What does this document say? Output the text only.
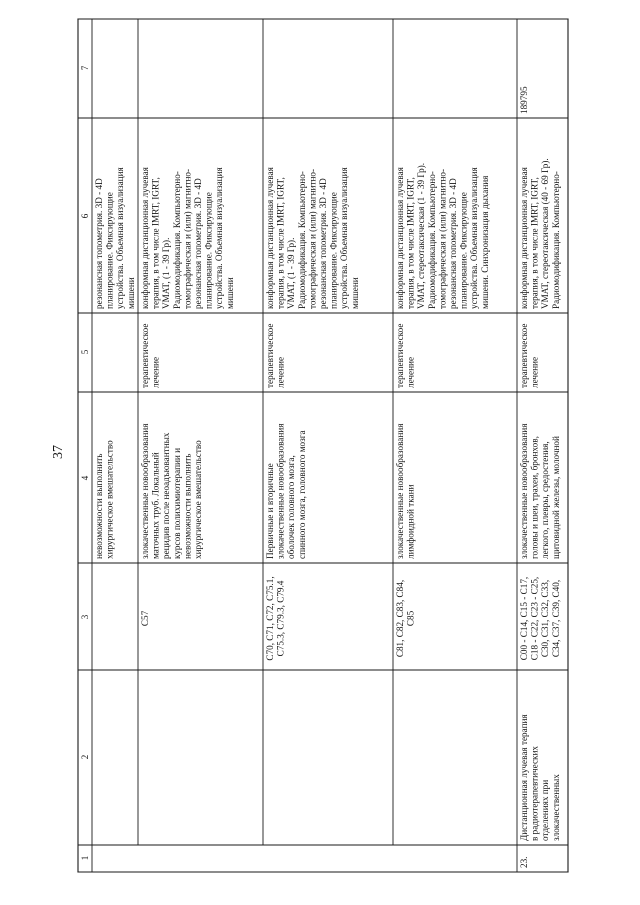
37
1
2
3
4
5
6
7
невозможности выполнить хирургическое вмешательство
резонансная топометрия. 3D - 4D планирование. Фиксирующие устройства. Объемная визуализация мишени
C57
злокачественные новообразования маточных труб. Локальный рецидив после неоадъювантных курсов полихимиотерапии и невозможности выполнить хирургическое вмешательство
терапевтическое лечение
конформная дистанционная лучевая терапия, в том числе IMRT, IGRT, VMAT, (1 - 39 Гр). Радиомодификация. Компьютерно- томографическая и (или) магнитно- резонансная топометрия. 3D - 4D планирование. Фиксирующие устройства. Объемная визуализация мишени
C70, C71, C72, C75.1, C75.3, C79.3, C79.4
Первичные и вторичные злокачественные новообразования оболочек головного мозга, спинного мозга, головного мозга
терапевтическое лечение
конформная дистанционная лучевая терапия, в том числе IMRT, IGRT, VMAT, (1 - 39 Гр). Радиомодификация. Компьютерно- томографическая и (или) магнитно- резонансная топометрия. 3D - 4D планирование. Фиксирующие устройства. Объемная визуализация мишени
C81, C82, C83, C84, C85
злокачественные новообразования лимфоидной ткани
терапевтическое лечение
конформная дистанционная лучевая терапия, в том числе IMRT, IGRT, VMAT, стереотаксическая (1 - 39 Гр). Радиомодификация. Компьютерно- томографическая и (или) магнитно- резонансная топометрия. 3D - 4D планирование. Фиксирующие устройства. Объемная визуализация мишени. Синхронизация дыхания
23.
Дистанционная лучевая терапия в радиотерапевтических отделениях при злокачественных
C00 - C14, C15 - C17, C18 - C22, C23 - C25, C30, C31, C32, C33, C34, C37, C39, C40,
злокачественные новообразования головы и шеи, трахеи, бронхов, легкого, плевры, средостения, щитовидной железы, молочной
терапевтическое лечение
конформная дистанционная лучевая терапия, в том числе IMRT, IGRT, VMAT, стереотаксическая (40 - 69 Гр). Радиомодификация. Компьютерно-
189795
